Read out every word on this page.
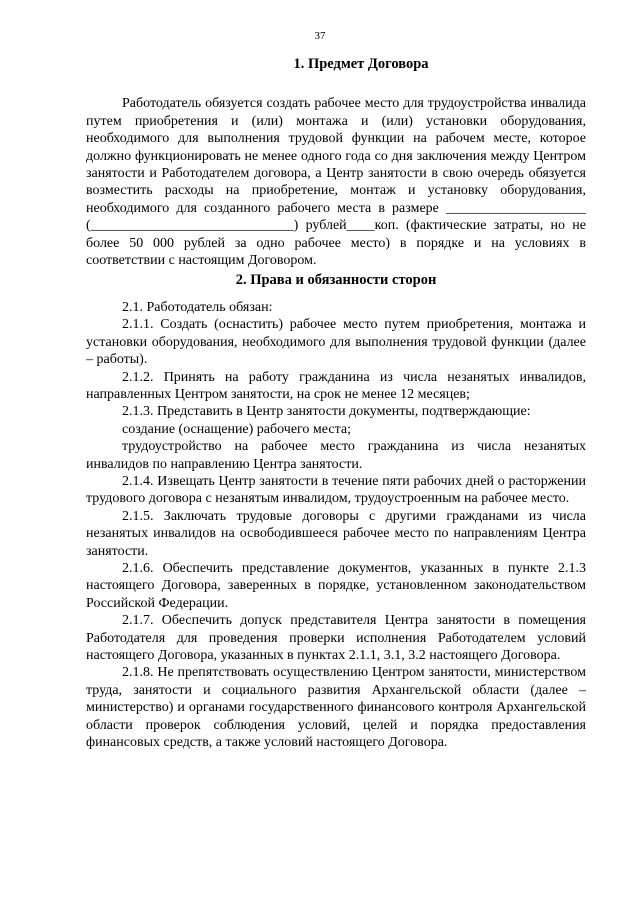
37
1. Предмет Договора

Работодатель обязуется создать рабочее место для трудоустройства инвалида путем приобретения и (или) монтажа и (или) установки оборудования, необходимого для выполнения трудовой функции на рабочем месте, которое должно функционировать не менее одного года со дня заключения между Центром занятости и Работодателем договора, а Центр занятости в свою очередь обязуется возместить расходы на приобретение, монтаж и установку оборудования, необходимого для созданного рабочего места в размере ____________________ (_____________________________) рублей____коп. (фактические затраты, но не более 50 000 рублей за одно рабочее место) в порядке и на условиях в соответствии с настоящим Договором.

2. Права и обязанности сторон

2.1. Работодатель обязан:

2.1.1. Создать (оснастить) рабочее место путем приобретения, монтажа и установки оборудования, необходимого для выполнения трудовой функции (далее – работы).

2.1.2. Принять на работу гражданина из числа незанятых инвалидов, направленных Центром занятости, на срок не менее 12 месяцев;

2.1.3. Представить в Центр занятости документы, подтверждающие:

создание (оснащение) рабочего места;

трудоустройство на рабочее место гражданина из числа незанятых инвалидов по направлению Центра занятости.

2.1.4. Извещать Центр занятости в течение пяти рабочих дней о расторжении трудового договора с незанятым инвалидом, трудоустроенным на рабочее место.

2.1.5. Заключать трудовые договоры с другими гражданами из числа незанятых инвалидов на освободившееся рабочее место по направлениям Центра занятости.

2.1.6. Обеспечить представление документов, указанных в пункте 2.1.3 настоящего Договора, заверенных в порядке, установленном законодательством Российской Федерации.

2.1.7. Обеспечить допуск представителя Центра занятости в помещения Работодателя для проведения проверки исполнения Работодателем условий настоящего Договора, указанных в пунктах 2.1.1, 3.1, 3.2 настоящего Договора.

2.1.8. Не препятствовать осуществлению Центром занятости, министерством труда, занятости и социального развития Архангельской области (далее – министерство) и органами государственного финансового контроля Архангельской области проверок соблюдения условий, целей и порядка предоставления финансовых средств, а также условий настоящего Договора.
